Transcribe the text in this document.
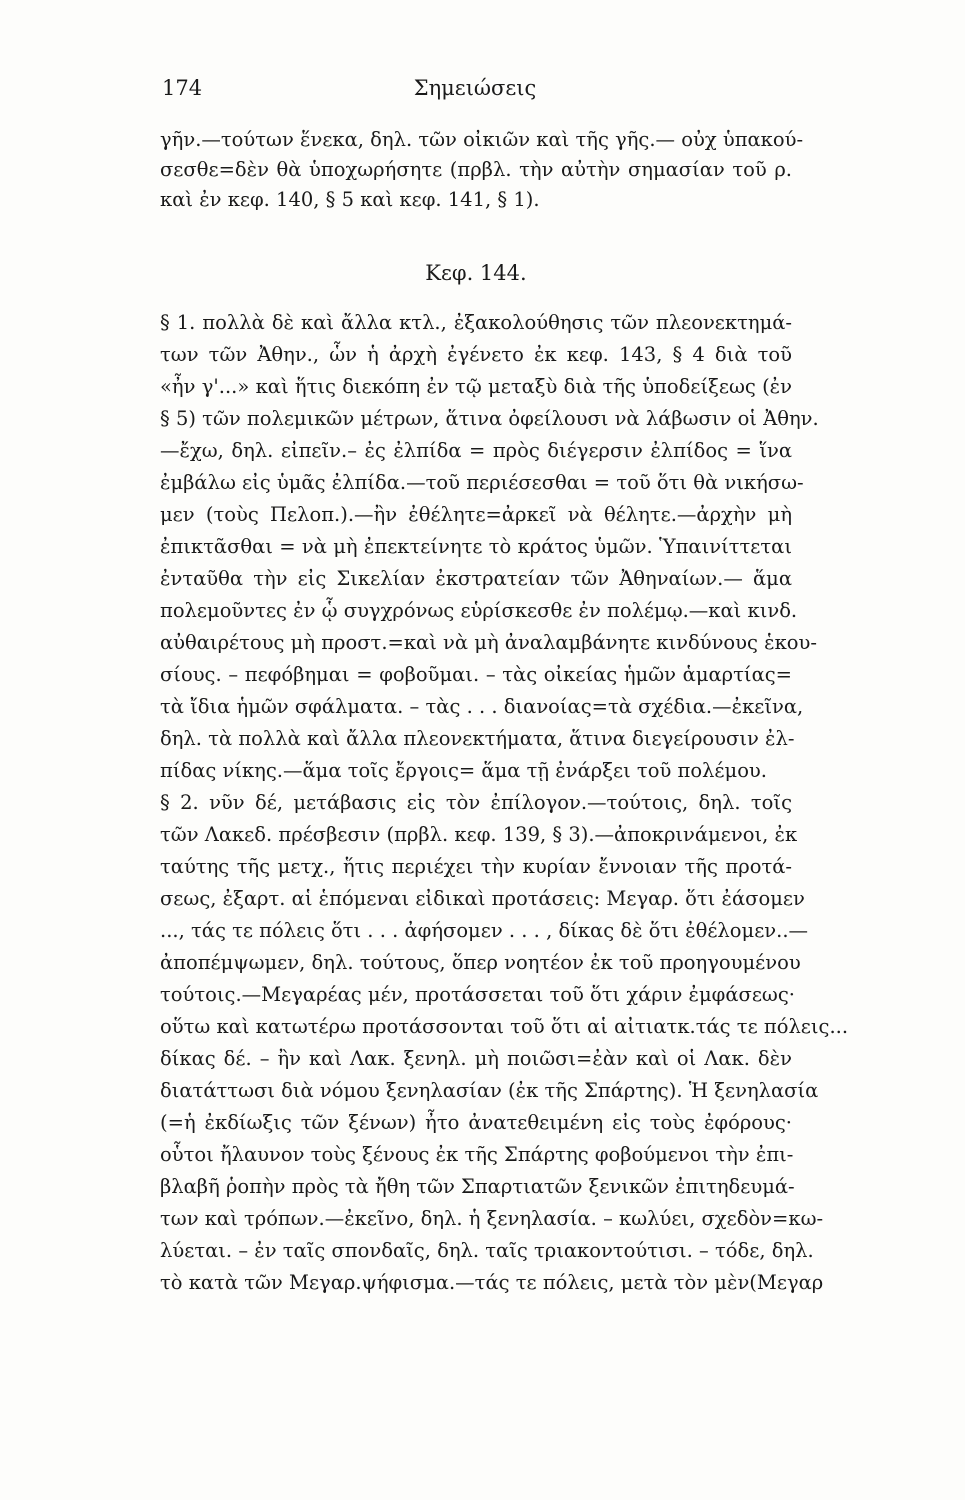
174	Σημειώσεις
γῆν.—τούτων ἕνεκα, δηλ. τῶν οἰκιῶν καὶ τῆς γῆς.— οὐχ ὑπακού-
σεσθε=δὲν θὰ ὑποχωρήσητε (πρβλ. τὴν αὐτὴν σημασίαν τοῦ ρ.
καὶ ἐν κεφ. 140, § 5 καὶ κεφ. 141, § 1).
Κεφ. 144.
§ 1. πολλὰ δὲ καὶ ἄλλα κτλ., ἐξακολούθησις τῶν πλεονεκτημά-
των τῶν Ἀθην., ὧν ἡ ἀρχὴ ἐγένετο ἐκ κεφ. 143, § 4 διὰ τοῦ
«ἦν γ'...» καὶ ἥτις διεκόπη ἐν τῷ μεταξὺ διὰ τῆς ὑποδείξεως (ἐν
§ 5) τῶν πολεμικῶν μέτρων, ἅτινα ὀφείλουσι νὰ λάβωσιν οἱ Ἀθην.
—ἔχω, δηλ. εἰπεῖν.– ἐς ἐλπίδα = πρὸς διέγερσιν ἐλπίδος = ἵνα
ἐμβάλω εἰς ὑμᾶς ἐλπίδα.—τοῦ περιέσεσθαι = τοῦ ὅτι θὰ νικήσω-
μεν (τοὺς Πελοπ.).—ἢν ἐθέλητε=ἀρκεῖ νὰ θέλητε.—ἀρχὴν μὴ
ἐπικτᾶσθαι = νὰ μὴ ἐπεκτείνητε τὸ κράτος ὑμῶν. Ὑπαινίττεται
ἐνταῦθα τὴν εἰς Σικελίαν ἐκστρατείαν τῶν Ἀθηναίων.— ἅμα
πολεμοῦντες ἐν ᾧ συγχρόνως εὑρίσκεσθε ἐν πολέμῳ.—καὶ κινδ.
αὐθαιρέτους μὴ προστ.=καὶ νὰ μὴ ἀναλαμβάνητε κινδύνους ἑκου-
σίους. – πεφόβημαι = φοβοῦμαι. – τὰς οἰκείας ἡμῶν ἁμαρτίας=
τὰ ἴδια ἡμῶν σφάλματα. – τὰς . . . διανοίας=τὰ σχέδια.—ἐκεῖνα,
δηλ. τὰ πολλὰ καὶ ἄλλα πλεονεκτήματα, ἅτινα διεγείρουσιν ἐλ-
πίδας νίκης.—ἅμα τοῖς ἔργοις= ἅμα τῇ ἐνάρξει τοῦ πολέμου.
§ 2. νῦν δέ, μετάβασις εἰς τὸν ἐπίλογον.—τούτοις, δηλ. τοῖς
τῶν Λακεδ. πρέσβεσιν (πρβλ. κεφ. 139, § 3).—ἀποκρινάμενοι, ἐκ
ταύτης τῆς μετχ., ἥτις περιέχει τὴν κυρίαν ἔννοιαν τῆς προτά-
σεως, ἐξαρτ. αἱ ἑπόμεναι εἰδικαὶ προτάσεις: Μεγαρ. ὅτι ἐάσομεν
..., τάς τε πόλεις ὅτι . . . ἀφήσομεν . . . , δίκας δὲ ὅτι ἐθέλομεν..—
ἀποπέμψωμεν, δηλ. τούτους, ὅπερ νοητέον ἐκ τοῦ προηγουμένου
τούτοις.—Μεγαρέας μέν, προτάσσεται τοῦ ὅτι χάριν ἐμφάσεως·
οὕτω καὶ κατωτέρω προτάσσονται τοῦ ὅτι αἱ αἰτιατκ.τάς τε πόλεις...
δίκας δέ. – ἢν καὶ Λακ. ξενηλ. μὴ ποιῶσι=ἐὰν καὶ οἱ Λακ. δὲν
διατάττωσι διὰ νόμου ξενηλασίαν (ἐκ τῆς Σπάρτης). Ἡ ξενηλασία
(=ἡ ἐκδίωξις τῶν ξένων) ἦτο ἀνατεθειμένη εἰς τοὺς ἐφόρους·
οὗτοι ἤλαυνον τοὺς ξένους ἐκ τῆς Σπάρτης φοβούμενοι τὴν ἐπι-
βλαβῆ ῥοπὴν πρὸς τὰ ἤθη τῶν Σπαρτιατῶν ξενικῶν ἐπιτηδευμά-
των καὶ τρόπων.—ἐκεῖνο, δηλ. ἡ ξενηλασία. – κωλύει, σχεδὸν=κω-
λύεται. – ἐν ταῖς σπονδαῖς, δηλ. ταῖς τριακοντούτισι. – τόδε, δηλ.
τὸ κατὰ τῶν Μεγαρ.ψήφισμα.—τάς τε πόλεις, μετὰ τὸν μὲν(Μεγαρ
